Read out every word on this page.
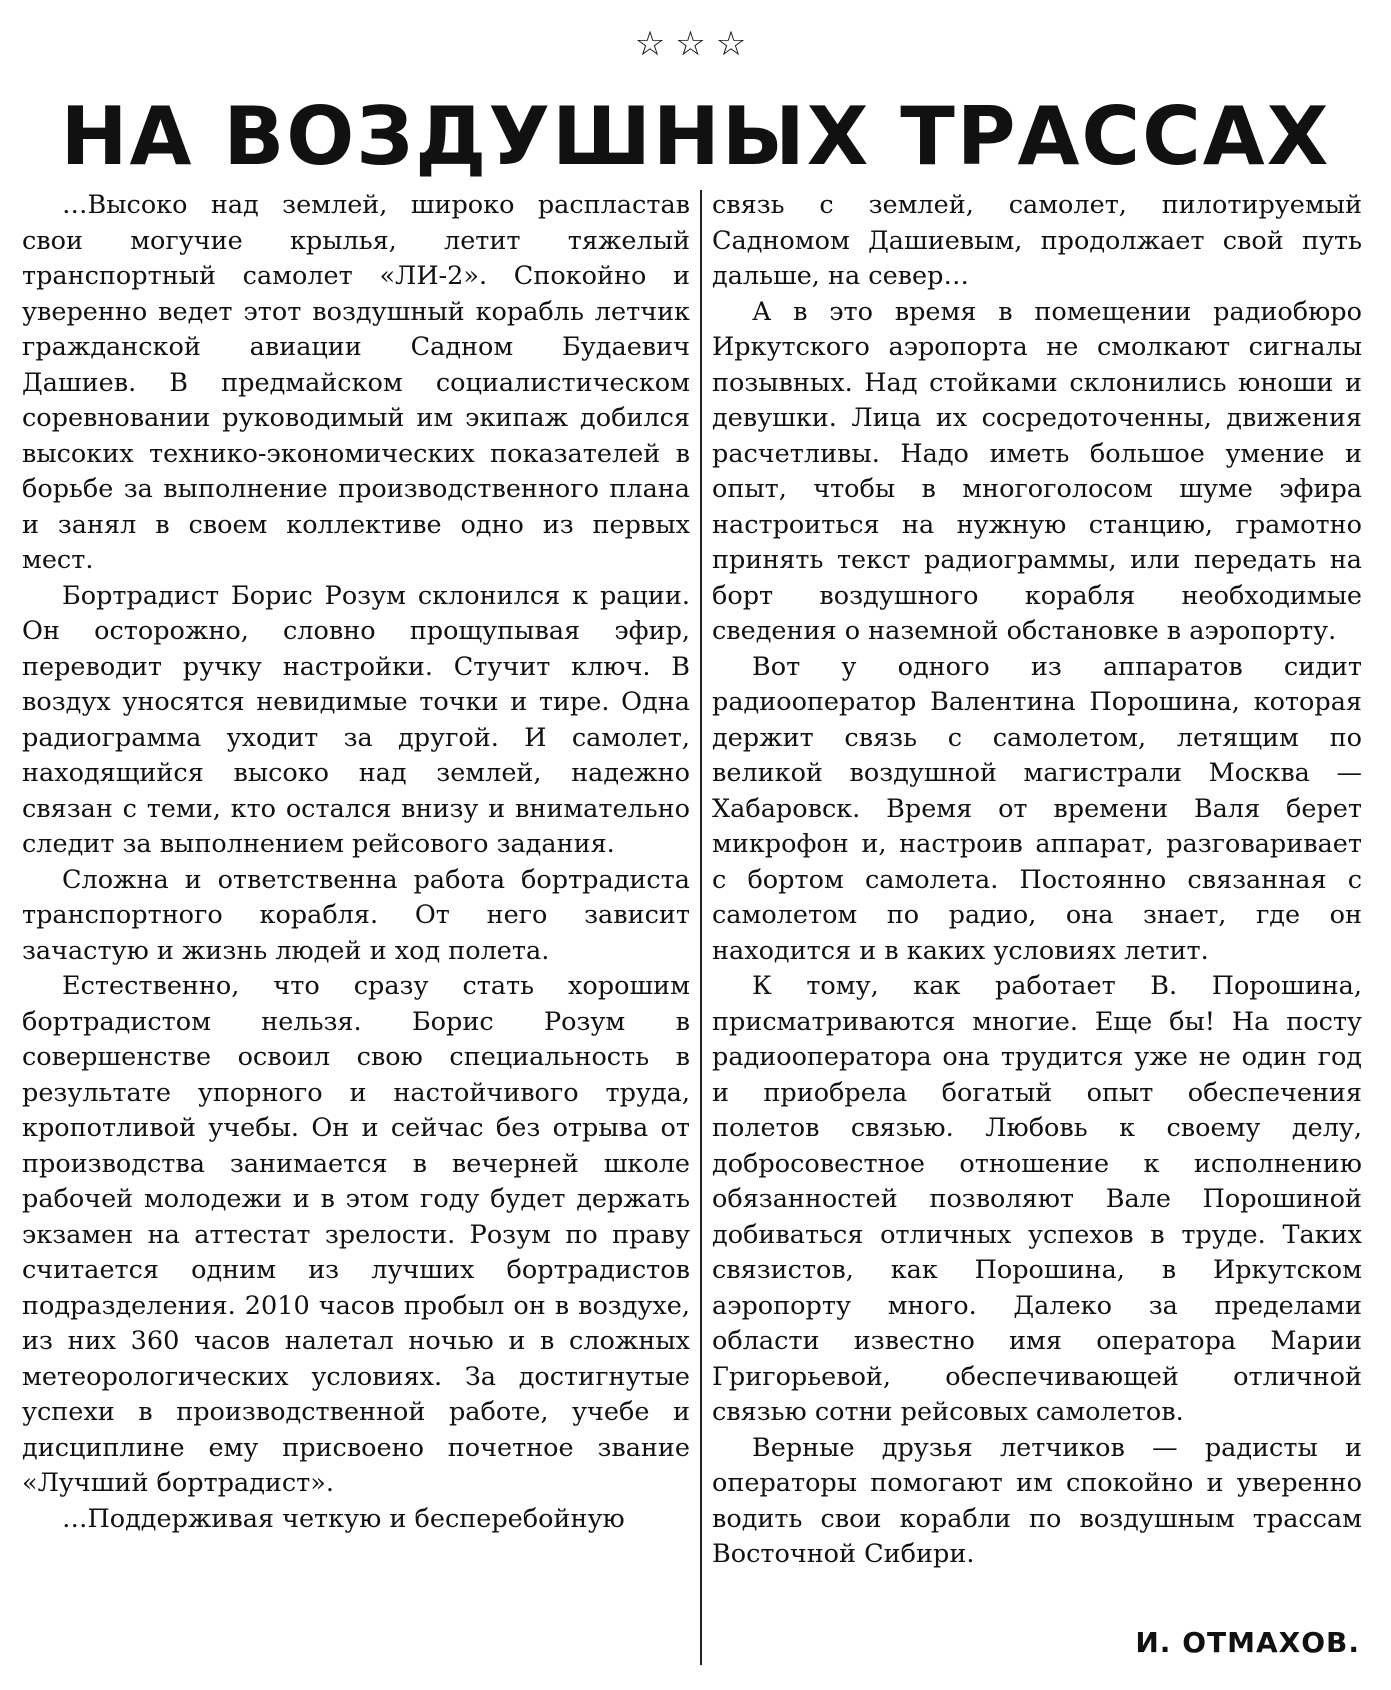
☆☆☆
НА ВОЗДУШНЫХ ТРАССАХ

…Высоко над землей, широко распластав свои могучие крылья, летит тяжелый транспортный самолет «ЛИ-2». Спокойно и уверенно ведет этот воздушный корабль летчик гражданской авиации Садном Будаевич Дашиев. В предмайском социалистическом соревновании руководимый им экипаж добился высоких технико-экономических показателей в борьбе за выполнение производственного плана и занял в своем коллективе одно из первых мест.

Бортрадист Борис Розум склонился к рации. Он осторожно, словно прощупывая эфир, переводит ручку настройки. Стучит ключ. В воздух уносятся невидимые точки и тире. Одна радиограмма уходит за другой. И самолет, находящийся высоко над землей, надежно связан с теми, кто остался внизу и внимательно следит за выполнением рейсового задания.

Сложна и ответственна работа бортрадиста транспортного корабля. От него зависит зачастую и жизнь людей и ход полета.

Естественно, что сразу стать хорошим бортрадистом нельзя. Борис Розум в совершенстве освоил свою специальность в результате упорного и настойчивого труда, кропотливой учебы. Он и сейчас без отрыва от производства занимается в вечерней школе рабочей молодежи и в этом году будет держать экзамен на аттестат зрелости. Розум по праву считается одним из лучших бортрадистов подразделения. 2010 часов пробыл он в воздухе, из них 360 часов налетал ночью и в сложных метеорологических условиях. За достигнутые успехи в производственной работе, учебе и дисциплине ему присвоено почетное звание «Лучший бортрадист».

…Поддерживая четкую и бесперебойную

связь с землей, самолет, пилотируемый Садномом Дашиевым, продолжает свой путь дальше, на север…

А в это время в помещении радиобюро Иркутского аэропорта не смолкают сигналы позывных. Над стойками склонились юноши и девушки. Лица их сосредоточенны, движения расчетливы. Надо иметь большое умение и опыт, чтобы в многоголосом шуме эфира настроиться на нужную станцию, грамотно принять текст радиограммы, или передать на борт воздушного корабля необходимые сведения о наземной обстановке в аэропорту.

Вот у одного из аппаратов сидит радиооператор Валентина Порошина, которая держит связь с самолетом, летящим по великой воздушной магистрали Москва — Хабаровск. Время от времени Валя берет микрофон и, настроив аппарат, разговаривает с бортом самолета. Постоянно связанная с самолетом по радио, она знает, где он находится и в каких условиях летит.

К тому, как работает В. Порошина, присматриваются многие. Еще бы! На посту радиооператора она трудится уже не один год и приобрела богатый опыт обеспечения полетов связью. Любовь к своему делу, добросовестное отношение к исполнению обязанностей позволяют Вале Порошиной добиваться отличных успехов в труде. Таких связистов, как Порошина, в Иркутском аэропорту много. Далеко за пределами области известно имя оператора Марии Григорьевой, обеспечивающей отличной связью сотни рейсовых самолетов.

Верные друзья летчиков — радисты и операторы помогают им спокойно и уверенно водить свои корабли по воздушным трассам Восточной Сибири.

И. ОТМАХОВ.
